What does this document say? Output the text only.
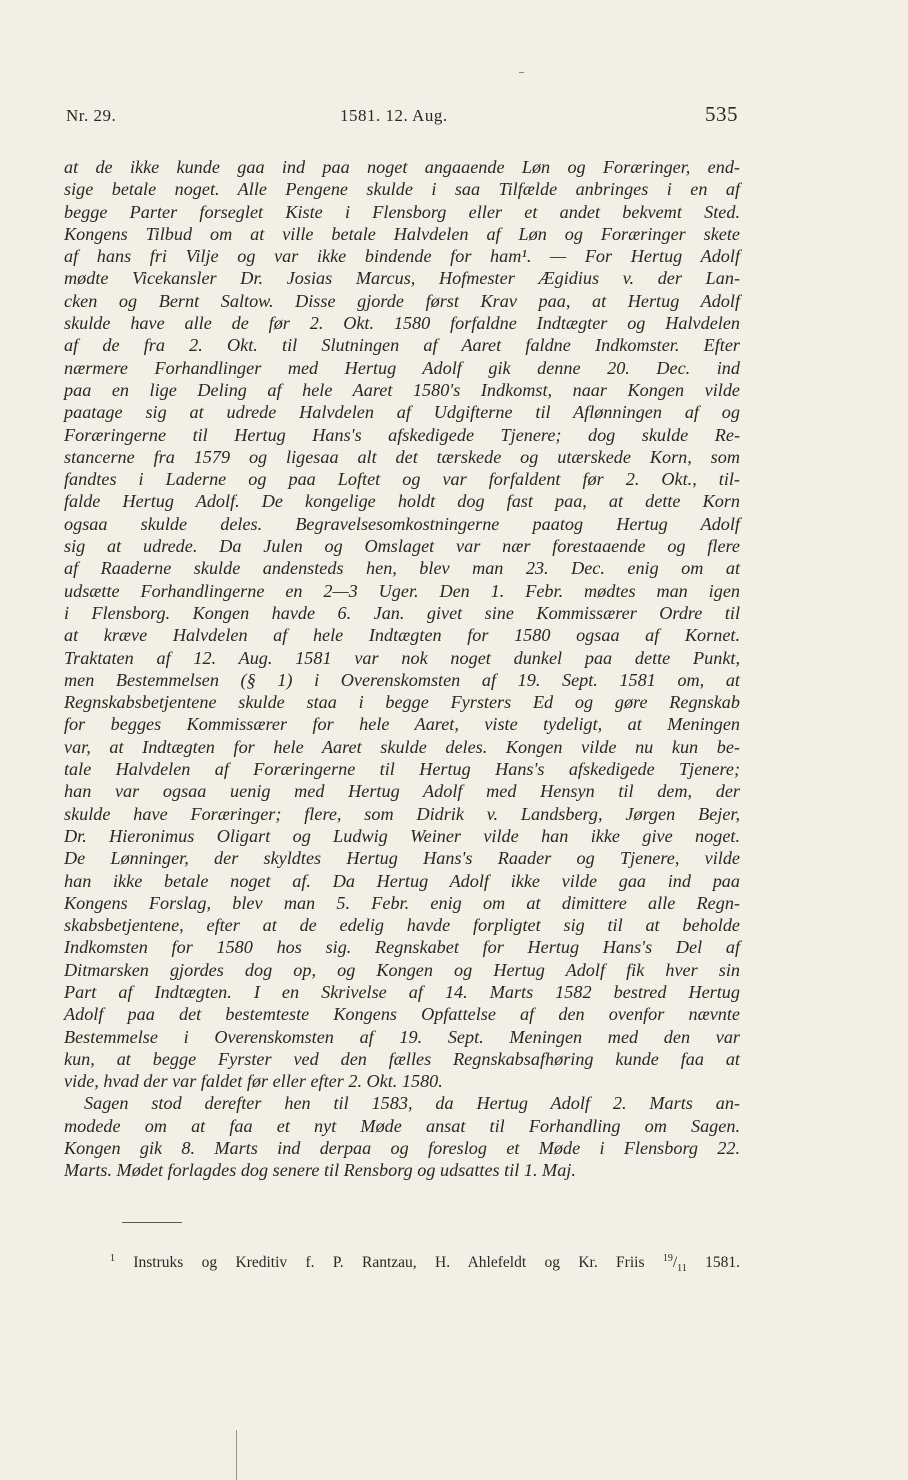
Nr. 29.	1581. 12. Aug.	535
at de ikke kunde gaa ind paa noget angaaende Løn og Foræringer, end-
sige betale noget. Alle Pengene skulde i saa Tilfælde anbringes i en af
begge Parter forseglet Kiste i Flensborg eller et andet bekvemt Sted.
Kongens Tilbud om at ville betale Halvdelen af Løn og Foræringer skete
af hans fri Vilje og var ikke bindende for ham¹. — For Hertug Adolf
mødte Vicekansler Dr. Josias Marcus, Hofmester Ægidius v. der Lan-
cken og Bernt Saltow. Disse gjorde først Krav paa, at Hertug Adolf
skulde have alle de før 2. Okt. 1580 forfaldne Indtægter og Halvdelen
af de fra 2. Okt. til Slutningen af Aaret faldne Indkomster. Efter
nærmere Forhandlinger med Hertug Adolf gik denne 20. Dec. ind
paa en lige Deling af hele Aaret 1580's Indkomst, naar Kongen vilde
paatage sig at udrede Halvdelen af Udgifterne til Aflønningen af og
Foræringerne til Hertug Hans's afskedigede Tjenere; dog skulde Re-
stancerne fra 1579 og ligesaa alt det tærskede og utærskede Korn, som
fandtes i Laderne og paa Loftet og var forfaldent før 2. Okt., til-
falde Hertug Adolf. De kongelige holdt dog fast paa, at dette Korn
ogsaa skulde deles. Begravelsesomkostningerne paatog Hertug Adolf
sig at udrede. Da Julen og Omslaget var nær forestaaende og flere
af Raaderne skulde andensteds hen, blev man 23. Dec. enig om at
udsætte Forhandlingerne en 2—3 Uger. Den 1. Febr. mødtes man igen
i Flensborg. Kongen havde 6. Jan. givet sine Kommissærer Ordre til
at kræve Halvdelen af hele Indtægten for 1580 ogsaa af Kornet.
Traktaten af 12. Aug. 1581 var nok noget dunkel paa dette Punkt,
men Bestemmelsen (§ 1) i Overenskomsten af 19. Sept. 1581 om, at
Regnskabsbetjentene skulde staa i begge Fyrsters Ed og gøre Regnskab
for begges Kommissærer for hele Aaret, viste tydeligt, at Meningen
var, at Indtægten for hele Aaret skulde deles. Kongen vilde nu kun be-
tale Halvdelen af Foræringerne til Hertug Hans's afskedigede Tjenere;
han var ogsaa uenig med Hertug Adolf med Hensyn til dem, der
skulde have Foræringer; flere, som Didrik v. Landsberg, Jørgen Bejer,
Dr. Hieronimus Oligart og Ludwig Weiner vilde han ikke give noget.
De Lønninger, der skyldtes Hertug Hans's Raader og Tjenere, vilde
han ikke betale noget af. Da Hertug Adolf ikke vilde gaa ind paa
Kongens Forslag, blev man 5. Febr. enig om at dimittere alle Regn-
skabsbetjentene, efter at de edelig havde forpligtet sig til at beholde
Indkomsten for 1580 hos sig. Regnskabet for Hertug Hans's Del af
Ditmarsken gjordes dog op, og Kongen og Hertug Adolf fik hver sin
Part af Indtægten. I en Skrivelse af 14. Marts 1582 bestred Hertug
Adolf paa det bestemteste Kongens Opfattelse af den ovenfor nævnte
Bestemmelse i Overenskomsten af 19. Sept. Meningen med den var
kun, at begge Fyrster ved den fælles Regnskabsafhøring kunde faa at
vide, hvad der var faldet før eller efter 2. Okt. 1580.
Sagen stod derefter hen til 1583, da Hertug Adolf 2. Marts an-
modede om at faa et nyt Møde ansat til Forhandling om Sagen.
Kongen gik 8. Marts ind derpaa og foreslog et Møde i Flensborg 22.
Marts. Mødet forlagdes dog senere til Rensborg og udsattes til 1. Maj.
$^1$ Instruks og Kreditiv f. P. Rantzau, H. Ahlefeldt og Kr. Friis $^{19}/_{11}$ 1581.
